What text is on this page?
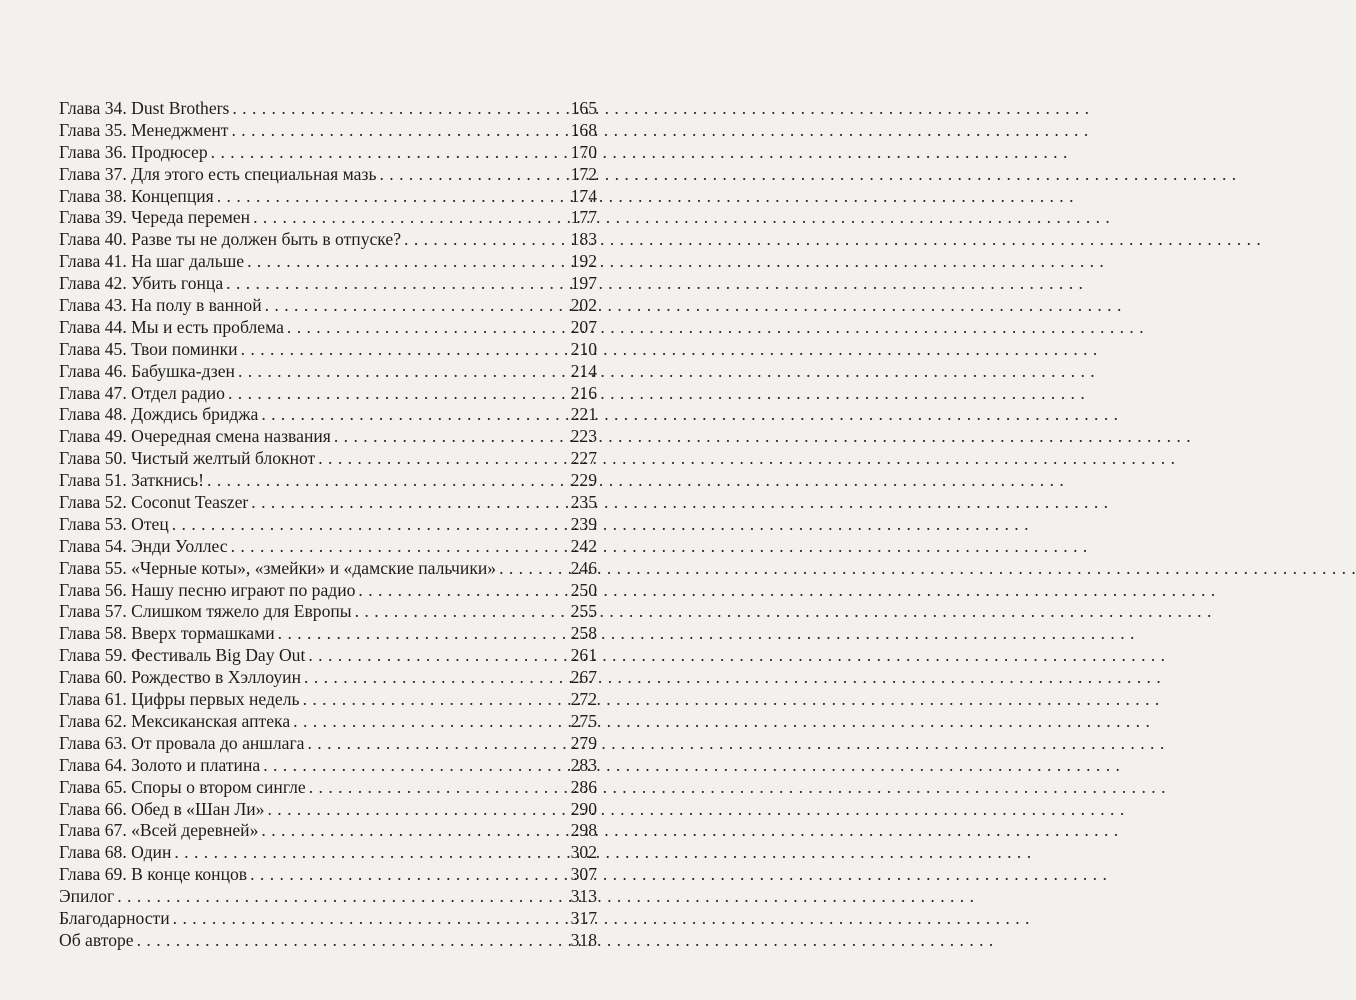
Глава 34. Dust Brothers . . .	165
Глава 35. Менеджмент . . .	168
Глава 36. Продюсер . . .	170
Глава 37. Для этого есть специальная мазь . . .	172
Глава 38. Концепция . . .	174
Глава 39. Череда перемен . . .	177
Глава 40. Разве ты не должен быть в отпуске? . . .	183
Глава 41. На шаг дальше . . .	192
Глава 42. Убить гонца . . .	197
Глава 43. На полу в ванной . . .	202
Глава 44. Мы и есть проблема . . .	207
Глава 45. Твои поминки . . .	210
Глава 46. Бабушка-дзен . . .	214
Глава 47. Отдел радио . . .	216
Глава 48. Дождись бриджа . . .	221
Глава 49. Очередная смена названия . . .	223
Глава 50. Чистый желтый блокнот . . .	227
Глава 51. Заткнись! . . .	229
Глава 52. Coconut Teaszer . . .	235
Глава 53. Отец . . .	239
Глава 54. Энди Уоллес . . .	242
Глава 55. «Черные коты», «змейки» и «дамские пальчики» . . .	246
Глава 56. Нашу песню играют по радио . . .	250
Глава 57. Слишком тяжело для Европы . . .	255
Глава 58. Вверх тормашками . . .	258
Глава 59. Фестиваль Big Day Out . . .	261
Глава 60. Рождество в Хэллоуин . . .	267
Глава 61. Цифры первых недель . . .	272
Глава 62. Мексиканская аптека . . .	275
Глава 63. От провала до аншлага . . .	279
Глава 64. Золото и платина . . .	283
Глава 65. Споры о втором сингле . . .	286
Глава 66. Обед в «Шан Ли» . . .	290
Глава 67. «Всей деревней» . . .	298
Глава 68. Один . . .	302
Глава 69. В конце концов . . .	307
Эпилог . . .	313
Благодарности . . .	317
Об авторе . . .	318
